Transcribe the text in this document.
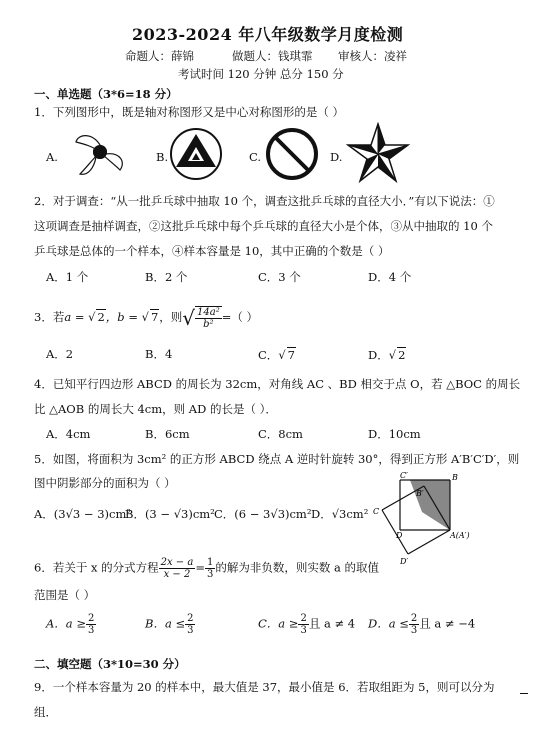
2023-2024 年八年级数学月度检测
命题人：薛锦	做题人：钱琪霏 审核人：凌祥
考试时间 120 分钟 总分 150 分
一、单选题（3*6=18 分）
1．下列图形中，既是轴对称图形又是中心对称图形的是（ ）
A.	B.	C.	D.
2．对于调查：“从一批乒乓球中抽取 10 个，调查这批乒乓球的直径大小．”有以下说法：①
这项调查是抽样调查，②这批乒乓球中每个乒乓球的直径大小是个体，③从中抽取的 10 个
乒乓球是总体的一个样本，④样本容量是 10，其中正确的个数是（ ）
A．1 个	B．2 个	C．3 个	D．4 个
3．若a = √ 2，b = √ 7，则√ $\frac{\text{14a²}}{\text{b²}}$ =（ ）
A．2	B．4	C．√ 7	D．√ 2
4．已知平行四边形 ABCD 的周长为 32cm，对角线 AC 、BD 相交于点 O，若 △BOC 的周长
比 △AOB 的周长大 4cm，则 AD 的长是（ ）．
A．4cm	B．6cm	C．8cm	D．10cm
5．如图，将面积为 3cm² 的正方形 ABCD 绕点 A 逆时针旋转 30°，得到正方形 A′B′C′D′，则
图中阴影部分的面积为（ ）
A．(3√3 − 3)cm²
B．(3 − √3)cm² C．(6 − 3√3)cm² D．√3cm²
B
C′
B′
C
D	A(A′)
D′
6．若关于 x 的分式方程 $\frac{2x - a}{x - 2} = \frac{1}{3}$ 的解为非负数，则实数 a 的取值
范围是（ ）
A．$a \ge \frac{2}{3}$	B．$a \le \frac{2}{3}$	C．$a \ge \frac{2}{3}$ 且 a ≠ 4 D．$a \le \frac{2}{3}$ 且 a ≠ −4
二、填空题（3*10=30 分）
9．一个样本容量为 20 的样本中，最大值是 37，最小值是 6．若取组距为 5，则可以分为
组．
